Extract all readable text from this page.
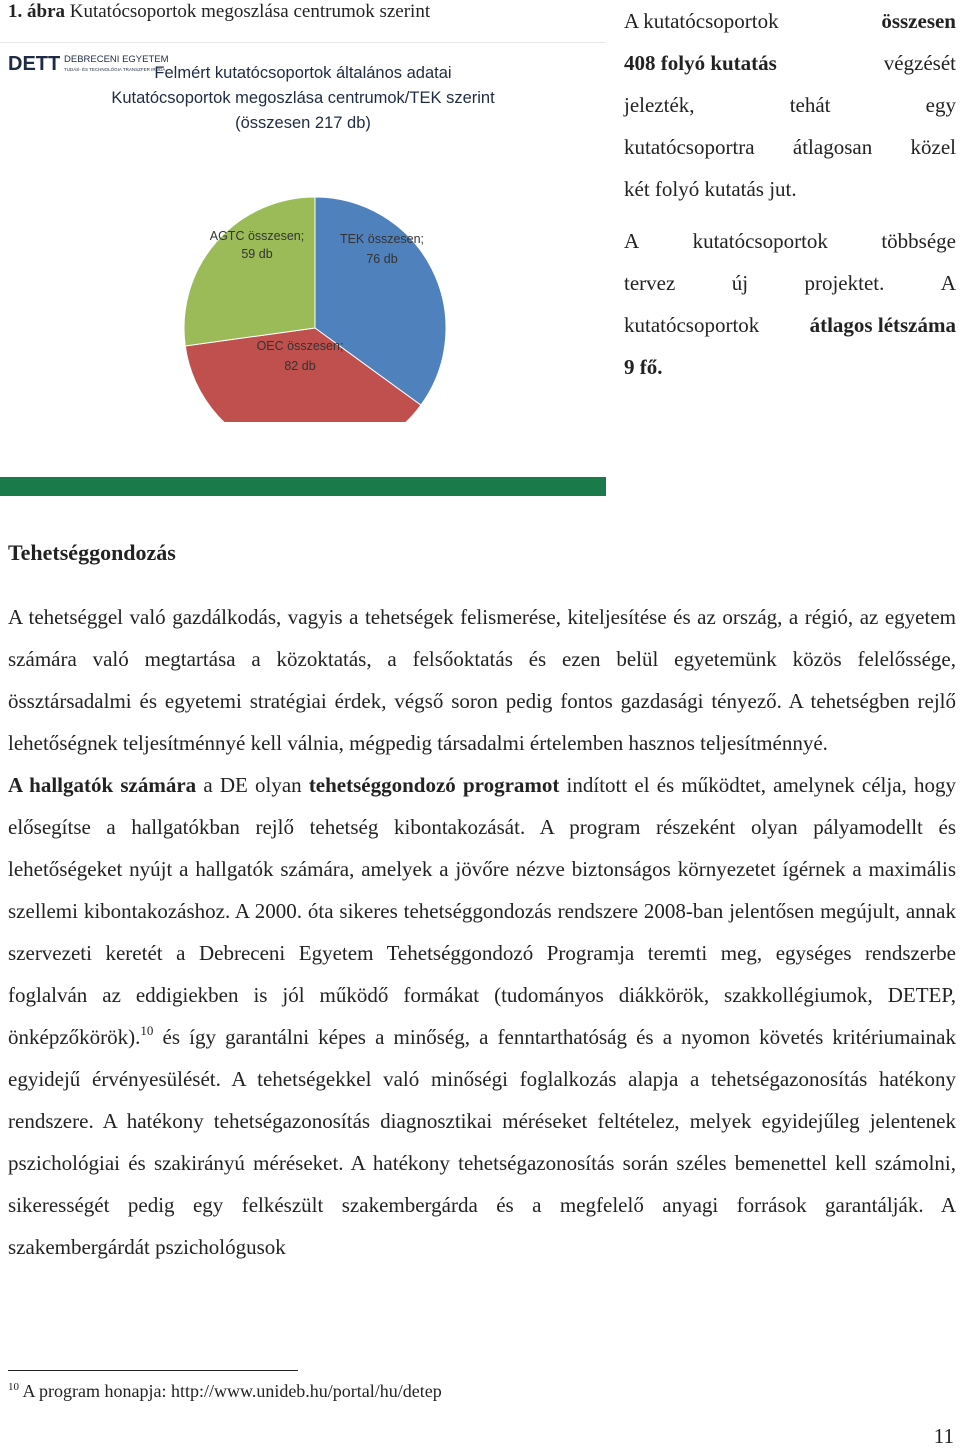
1. ábra Kutatócsoportok megoszlása centrumok szerint
DETT DEBRECENI EGYETEM
TUDÁS- ÉS TECHNOLÓGIA TRANSZFER IRODA
Felmért kutatócsoportok általános adatai
Kutatócsoportok megoszlása centrumok/TEK szerint
(összesen 217 db)
TEK összesen;
76 db
OEC összesen;
82 db
AGTC összesen;
59 db
A kutatócsoportok	összesen
408 folyó kutatás	végzését
jelezték,	tehát	egy
kutatócsoportra átlagosan közel
két folyó kutatás jut.
A	kutatócsoportok	többsége
tervez	új	projektet.	A
kutatócsoportok átlagos létszáma
9 fő.
Tehetséggondozás

A tehetséggel való gazdálkodás, vagyis a tehetségek felismerése, kiteljesítése és az ország, a régió, az egyetem számára való megtartása a közoktatás, a felsőoktatás és ezen belül egyetemünk közös felelőssége, össztársadalmi és egyetemi stratégiai érdek, végső soron pedig fontos gazdasági tényező. A tehetségben rejlő lehetőségnek teljesítménnyé kell válnia, mégpedig társadalmi értelemben hasznos teljesítménnyé.

A hallgatók számára a DE olyan tehetséggondozó programot indított el és működtet, amelynek célja, hogy elősegítse a hallgatókban rejlő tehetség kibontakozását. A program részeként olyan pályamodellt és lehetőségeket nyújt a hallgatók számára, amelyek a jövőre nézve biztonságos környezetet ígérnek a maximális szellemi kibontakozáshoz. A 2000. óta sikeres tehetséggondozás rendszere 2008-ban jelentősen megújult, annak szervezeti keretét a Debreceni Egyetem Tehetséggondozó Programja teremti meg, egységes rendszerbe foglalván az eddigiekben is jól működő formákat (tudományos diákkörök, szakkollégiumok, DETEP, önképzőkörök).$^{10}$ és így garantálni képes a minőség, a fenntarthatóság és a nyomon követés kritériumainak egyidejű érvényesülését. A tehetségekkel való minőségi foglalkozás alapja a tehetségazonosítás hatékony rendszere. A hatékony tehetségazonosítás diagnosztikai méréseket feltételez, melyek egyidejűleg jelentenek pszichológiai és szakirányú méréseket. A hatékony tehetségazonosítás során széles bemenettel kell számolni, sikerességét pedig egy felkészült szakembergárda és a megfelelő anyagi források garantálják. A szakembergárdát pszichológusok

$^{10}$ A program honapja: http://www.unideb.hu/portal/hu/detep
11
